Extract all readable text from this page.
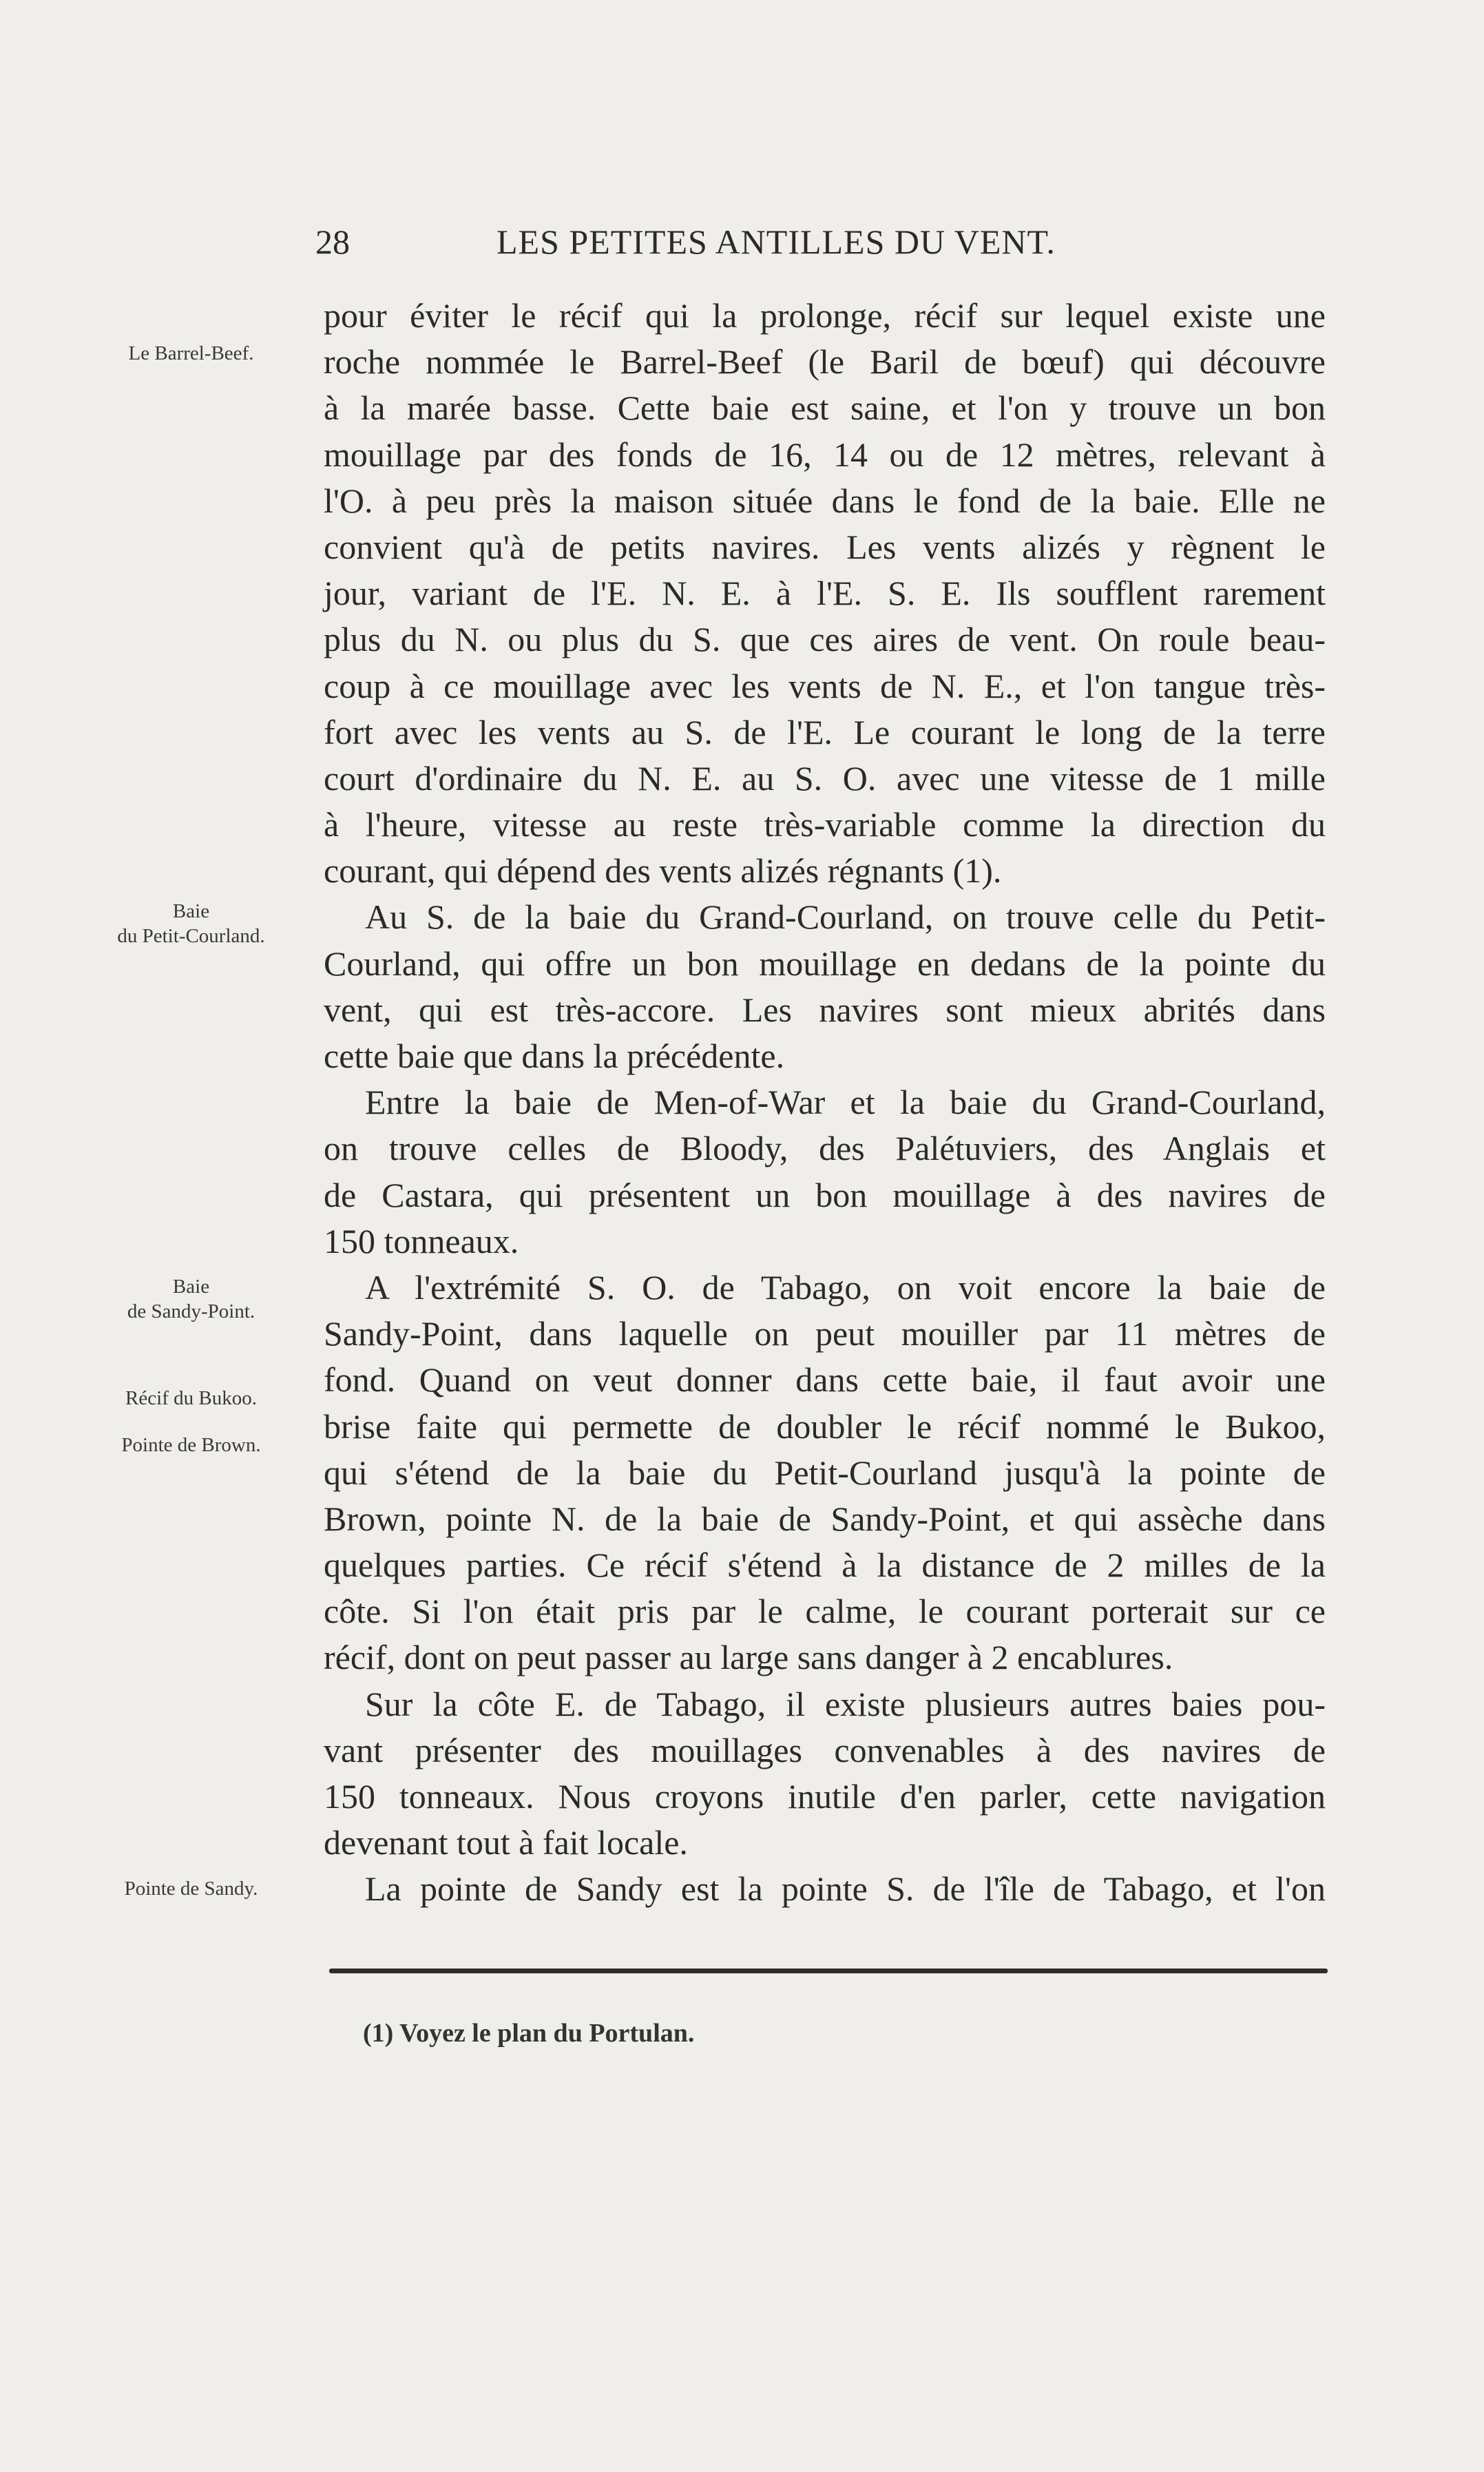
28	LES PETITES ANTILLES DU VENT.
pour éviter le récif qui la prolonge, récif sur lequel existe une
roche nommée le Barrel-Beef (le Baril de bœuf) qui découvre
à la marée basse. Cette baie est saine, et l'on y trouve un bon
mouillage par des fonds de 16, 14 ou de 12 mètres, relevant à
l'O. à peu près la maison située dans le fond de la baie. Elle ne
convient qu'à de petits navires. Les vents alizés y règnent le
jour, variant de l'E. N. E. à l'E. S. E. Ils soufflent rarement
plus du N. ou plus du S. que ces aires de vent. On roule beau-
coup à ce mouillage avec les vents de N. E., et l'on tangue très-
fort avec les vents au S. de l'E. Le courant le long de la terre
court d'ordinaire du N. E. au S. O. avec une vitesse de 1 mille
à l'heure, vitesse au reste très-variable comme la direction du
courant, qui dépend des vents alizés régnants (1).
Au S. de la baie du Grand-Courland, on trouve celle du Petit-
Courland, qui offre un bon mouillage en dedans de la pointe du
vent, qui est très-accore. Les navires sont mieux abrités dans
cette baie que dans la précédente.
Entre la baie de Men-of-War et la baie du Grand-Courland,
on trouve celles de Bloody, des Palétuviers, des Anglais et
de Castara, qui présentent un bon mouillage à des navires de
150 tonneaux.
A l'extrémité S. O. de Tabago, on voit encore la baie de
Sandy-Point, dans laquelle on peut mouiller par 11 mètres de
fond. Quand on veut donner dans cette baie, il faut avoir une
brise faite qui permette de doubler le récif nommé le Bukoo,
qui s'étend de la baie du Petit-Courland jusqu'à la pointe de
Brown, pointe N. de la baie de Sandy-Point, et qui assèche dans
quelques parties. Ce récif s'étend à la distance de 2 milles de la
côte. Si l'on était pris par le calme, le courant porterait sur ce
récif, dont on peut passer au large sans danger à 2 encablures.
Sur la côte E. de Tabago, il existe plusieurs autres baies pou-
vant présenter des mouillages convenables à des navires de
150 tonneaux. Nous croyons inutile d'en parler, cette navigation
devenant tout à fait locale.
La pointe de Sandy est la pointe S. de l'île de Tabago, et l'on
Le Barrel-Beef.
Baie
du Petit-Courland.
Baie
de Sandy-Point.
Récif du Bukoo.
Pointe de Brown.
Pointe de Sandy.
(1) Voyez le plan du Portulan.
